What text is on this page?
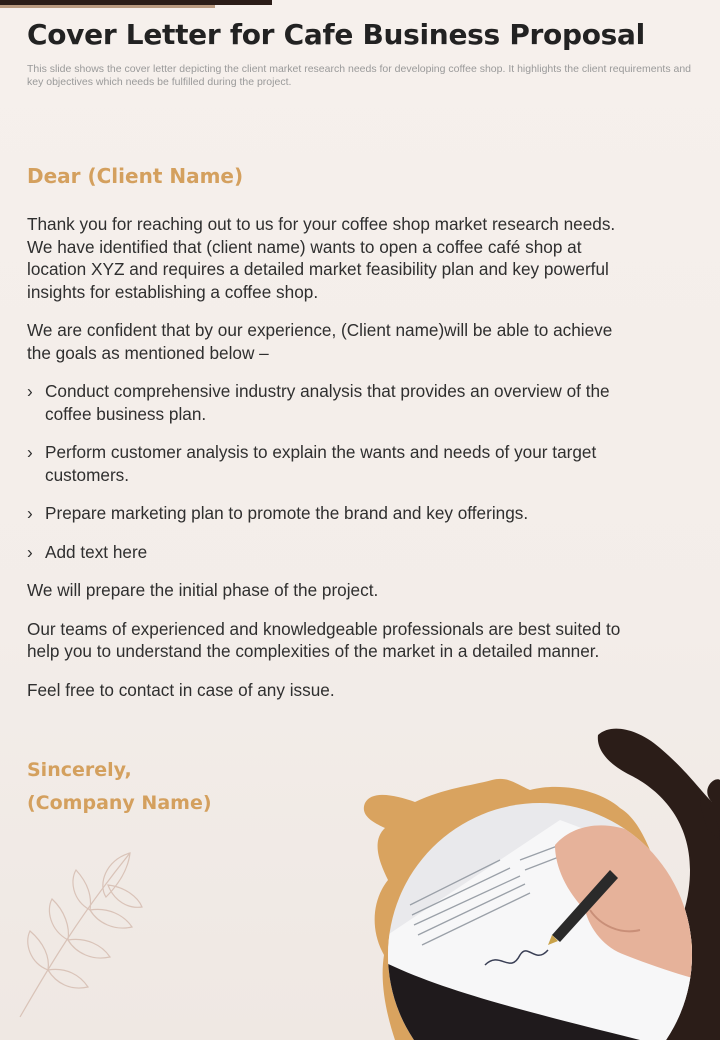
Cover Letter for Cafe Business Proposal

This slide shows the cover letter depicting the client market research needs for developing coffee shop. It highlights the client requirements and key objectives which needs be fulfilled during the project.

Dear (Client Name)

Thank you for reaching out to us for your coffee shop market research needs. We have identified that (client name) wants to open a coffee café shop at location XYZ and requires a detailed market feasibility plan and key powerful insights for establishing a coffee shop.

We are confident that by our experience, (Client name)will be able to achieve the goals as mentioned below –

› Conduct comprehensive industry analysis that provides an overview of the coffee business plan.
› Perform customer analysis to explain the wants and needs of your target customers.
› Prepare marketing plan to promote the brand and key offerings.
› Add text here

We will prepare the initial phase of the project.

Our teams of experienced and knowledgeable professionals are best suited to help you to understand the complexities of the market in a detailed manner.

Feel free to contact in case of any issue.

Sincerely,
(Company Name)
